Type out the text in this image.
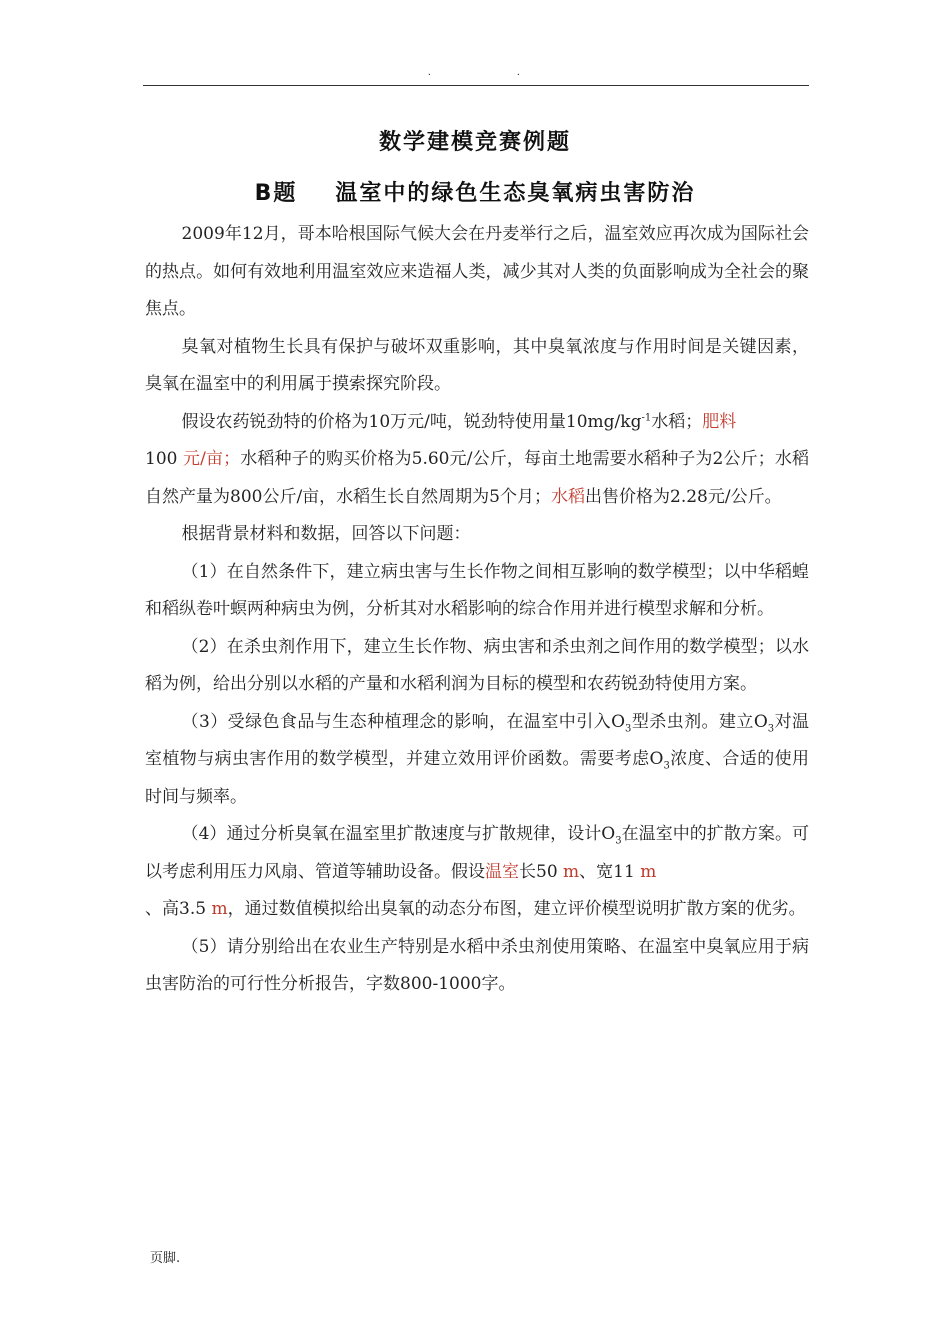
.	.
数学建模竞赛例题
B题 温室中的绿色生态臭氧病虫害防治

2009年12月，哥本哈根国际气候大会在丹麦举行之后，温室效应再次成为国际社会的热点。如何有效地利用温室效应来造福人类，减少其对人类的负面影响成为全社会的聚焦点。

臭氧对植物生长具有保护与破坏双重影响，其中臭氧浓度与作用时间是关键因素，臭氧在温室中的利用属于摸索探究阶段。

假设农药锐劲特的价格为10万元/吨，锐劲特使用量$10mg/kg^{-1}$水稻；肥料
100 元/亩；水稻种子的购买价格为5.60元/公斤，每亩土地需要水稻种子为2公斤；水稻自然产量为800公斤/亩，水稻生长自然周期为5个月；水稻出售价格为2.28元/公斤。

根据背景材料和数据，回答以下问题：

（1）在自然条件下，建立病虫害与生长作物之间相互影响的数学模型；以中华稻蝗和稻纵卷叶螟两种病虫为例，分析其对水稻影响的综合作用并进行模型求解和分析。

（2）在杀虫剂作用下，建立生长作物、病虫害和杀虫剂之间作用的数学模型；以水稻为例，给出分别以水稻的产量和水稻利润为目标的模型和农药锐劲特使用方案。

（3）受绿色食品与生态种植理念的影响，在温室中引入$O_3$型杀虫剂。建立$O_3$对温室植物与病虫害作用的数学模型，并建立效用评价函数。需要考虑$O_3$浓度、合适的使用时间与频率。

（4）通过分析臭氧在温室里扩散速度与扩散规律，设计$O_3$在温室中的扩散方案。可以考虑利用压力风扇、管道等辅助设备。假设温室长50 m、宽11 m
、高3.5 m，通过数值模拟给出臭氧的动态分布图，建立评价模型说明扩散方案的优劣。

（5）请分别给出在农业生产特别是水稻中杀虫剂使用策略、在温室中臭氧应用于病虫害防治的可行性分析报告，字数800-1000字。

页脚.
